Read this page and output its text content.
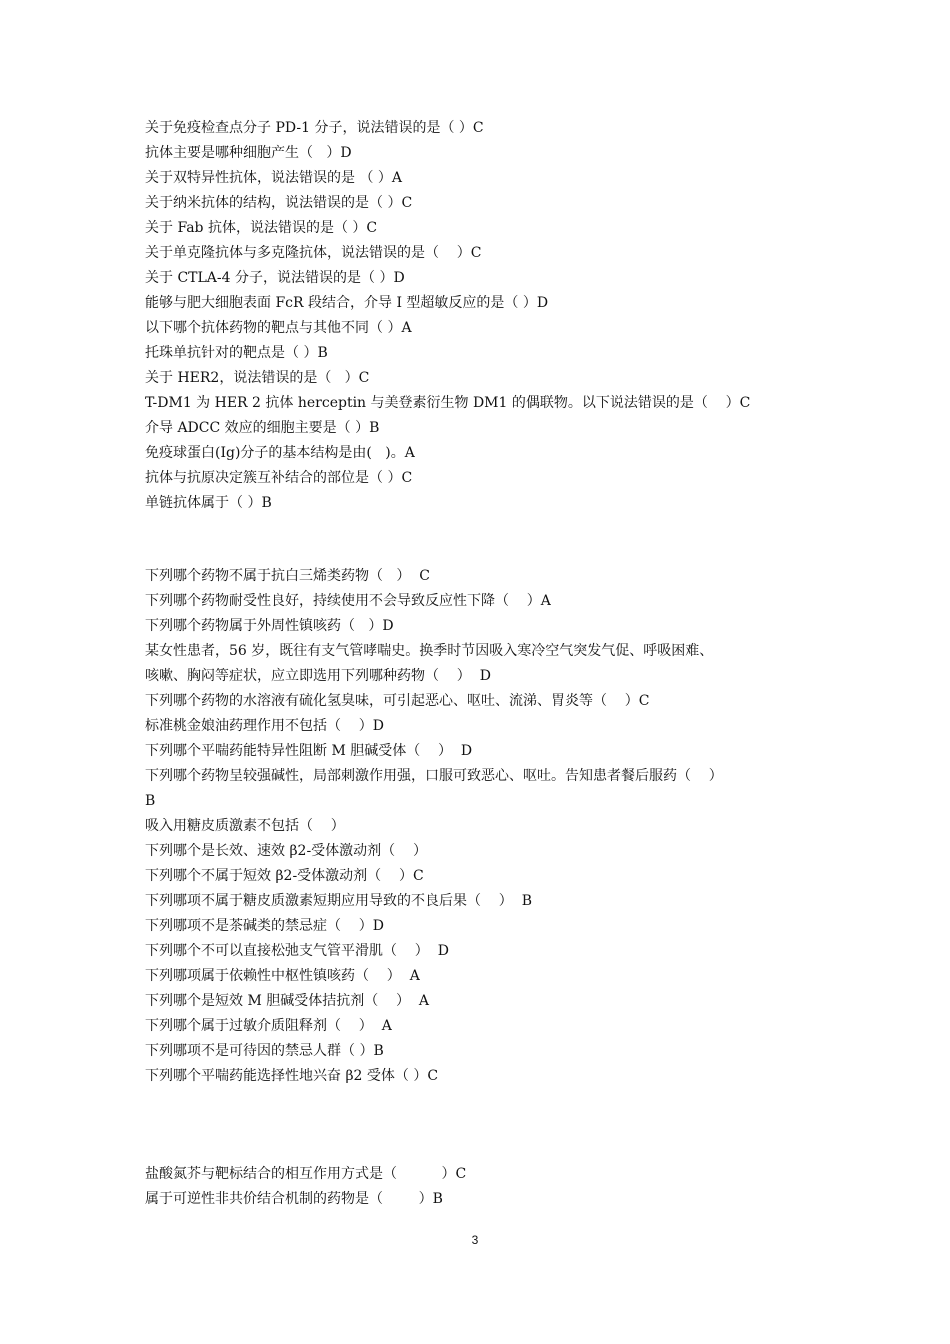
关于免疫检查点分子 PD-1 分子，说法错误的是（ ）C
抗体主要是哪种细胞产生（   ）D
关于双特异性抗体，说法错误的是 （ ）A
关于纳米抗体的结构，说法错误的是（ ）C
关于 Fab 抗体，说法错误的是（ ）C
关于单克隆抗体与多克隆抗体，说法错误的是（    ）C
关于 CTLA-4 分子，说法错误的是（ ）D
能够与肥大细胞表面 FcR 段结合，介导 I 型超敏反应的是（ ）D
以下哪个抗体药物的靶点与其他不同（ ）A
托珠单抗针对的靶点是（ ）B
关于 HER2，说法错误的是（   ）C
T-DM1 为 HER 2 抗体 herceptin 与美登素衍生物 DM1 的偶联物。以下说法错误的是（    ）C
介导 ADCC 效应的细胞主要是（ ）B
免疫球蛋白(Ig)分子的基本结构是由(   )。A
抗体与抗原决定簇互补结合的部位是（ ）C
单链抗体属于（ ）B
下列哪个药物不属于抗白三烯类药物（   ）  C
下列哪个药物耐受性良好，持续使用不会导致反应性下降（    ）A
下列哪个药物属于外周性镇咳药（   ）D
某女性患者，56 岁，既往有支气管哮喘史。换季时节因吸入寒冷空气突发气促、呼吸困难、
咳嗽、胸闷等症状，应立即选用下列哪种药物（    ）  D
下列哪个药物的水溶液有硫化氢臭味，可引起恶心、呕吐、流涕、胃炎等（    ）C
标准桃金娘油药理作用不包括（    ）D
下列哪个平喘药能特异性阻断 M 胆碱受体（    ）  D
下列哪个药物呈较强碱性，局部刺激作用强，口服可致恶心、呕吐。告知患者餐后服药（    ）
B
吸入用糖皮质激素不包括（    ）
下列哪个是长效、速效 β2-受体激动剂（    ）
下列哪个不属于短效 β2-受体激动剂（    ）C
下列哪项不属于糖皮质激素短期应用导致的不良后果（    ）  B
下列哪项不是茶碱类的禁忌症（    ）D
下列哪个不可以直接松弛支气管平滑肌（    ）  D
下列哪项属于依赖性中枢性镇咳药（    ）  A
下列哪个是短效 M 胆碱受体拮抗剂（    ）  A
下列哪个属于过敏介质阻释剂（    ）  A
下列哪项不是可待因的禁忌人群（ ）B
下列哪个平喘药能选择性地兴奋 β2 受体（ ）C
盐酸氮芥与靶标结合的相互作用方式是（          ）C
属于可逆性非共价结合机制的药物是（        ）B
3
